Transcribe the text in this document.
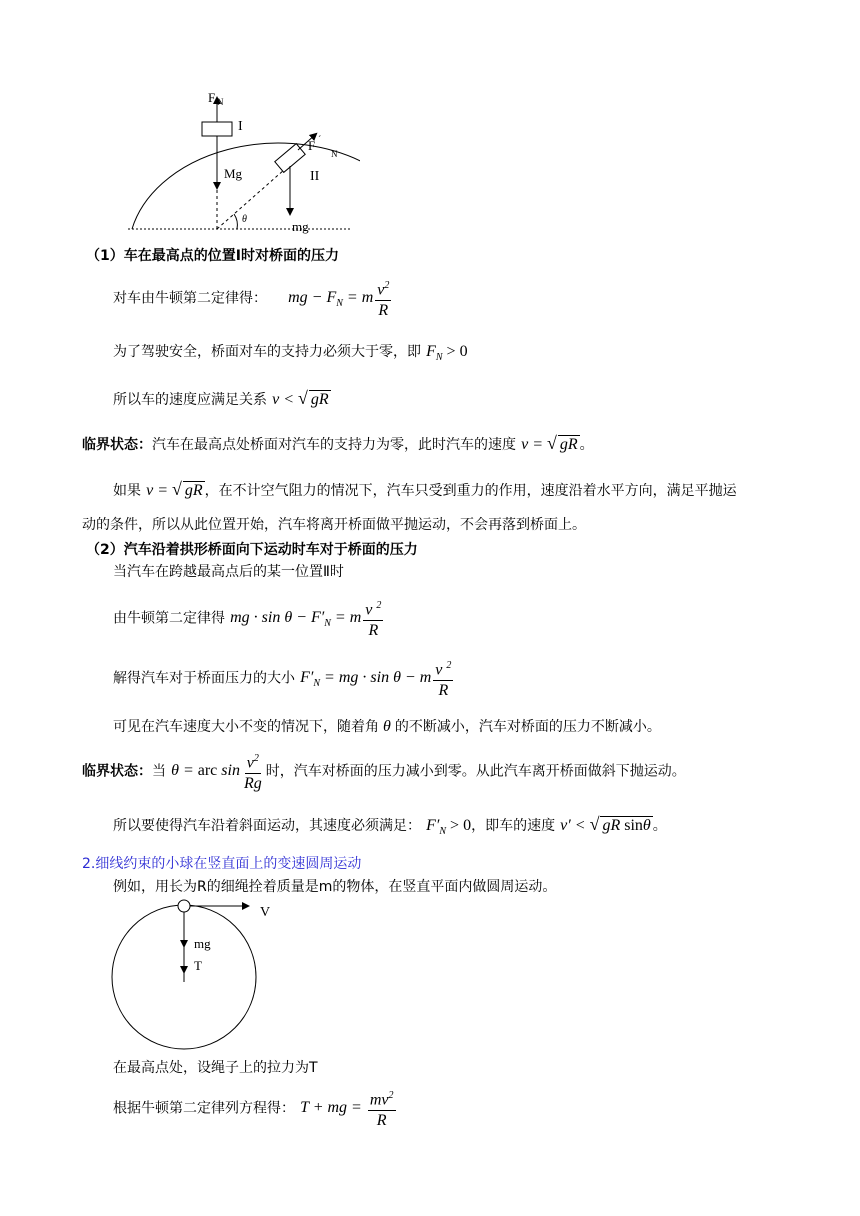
F N
I
Mg
θ
F ´
N
II
mg
（1）车在最高点的位置Ⅰ时对桥面的压力
对车由牛顿第二定律得： mg − $F_N = m \frac{v^2}{R}$
为了驾驶安全，桥面对车的支持力必须大于零，即 $F_N > 0$
所以车的速度应满足关系 v < √ gR
临界状态：汽车在最高点处桥面对汽车的支持力为零，此时汽车的速度 v = √ gR 。
如果 v = √ gR ，在不计空气阻力的情况下，汽车只受到重力的作用，速度沿着水平方向，满足平抛运
动的条件，所以从此位置开始，汽车将离开桥面做平抛运动，不会再落到桥面上。
（2）汽车沿着拱形桥面向下运动时车对于桥面的压力
当汽车在跨越最高点后的某一位置Ⅱ时
由牛顿第二定律得 mg · $\sin \theta - F'_N = m \frac{v ^2}{R}$
解得汽车对于桥面压力的大小 $F'_N$ = mg · sin θ − m $\frac{v ^2}{R}$
可见在汽车速度大小不变的情况下，随着角 θ 的不断减小，汽车对桥面的压力不断减小。
临界状态：当 θ = arc $\sin \frac{v^2}{Rg}$ 时，汽车对桥面的压力减小到零。从此汽车离开桥面做斜下抛运动。
所以要使得汽车沿着斜面运动，其速度必须满足： $F'_N > 0$，即车的速度 v′ < √ gR sinθ 。
2.细线约束的小球在竖直面上的变速圆周运动
例如，用长为R的细绳拴着质量是m的物体，在竖直平面内做圆周运动。
V
mg
T
在最高点处，设绳子上的拉力为T
根据牛顿第二定律列方程得： T + mg = $\frac{mv^2}{R}$
